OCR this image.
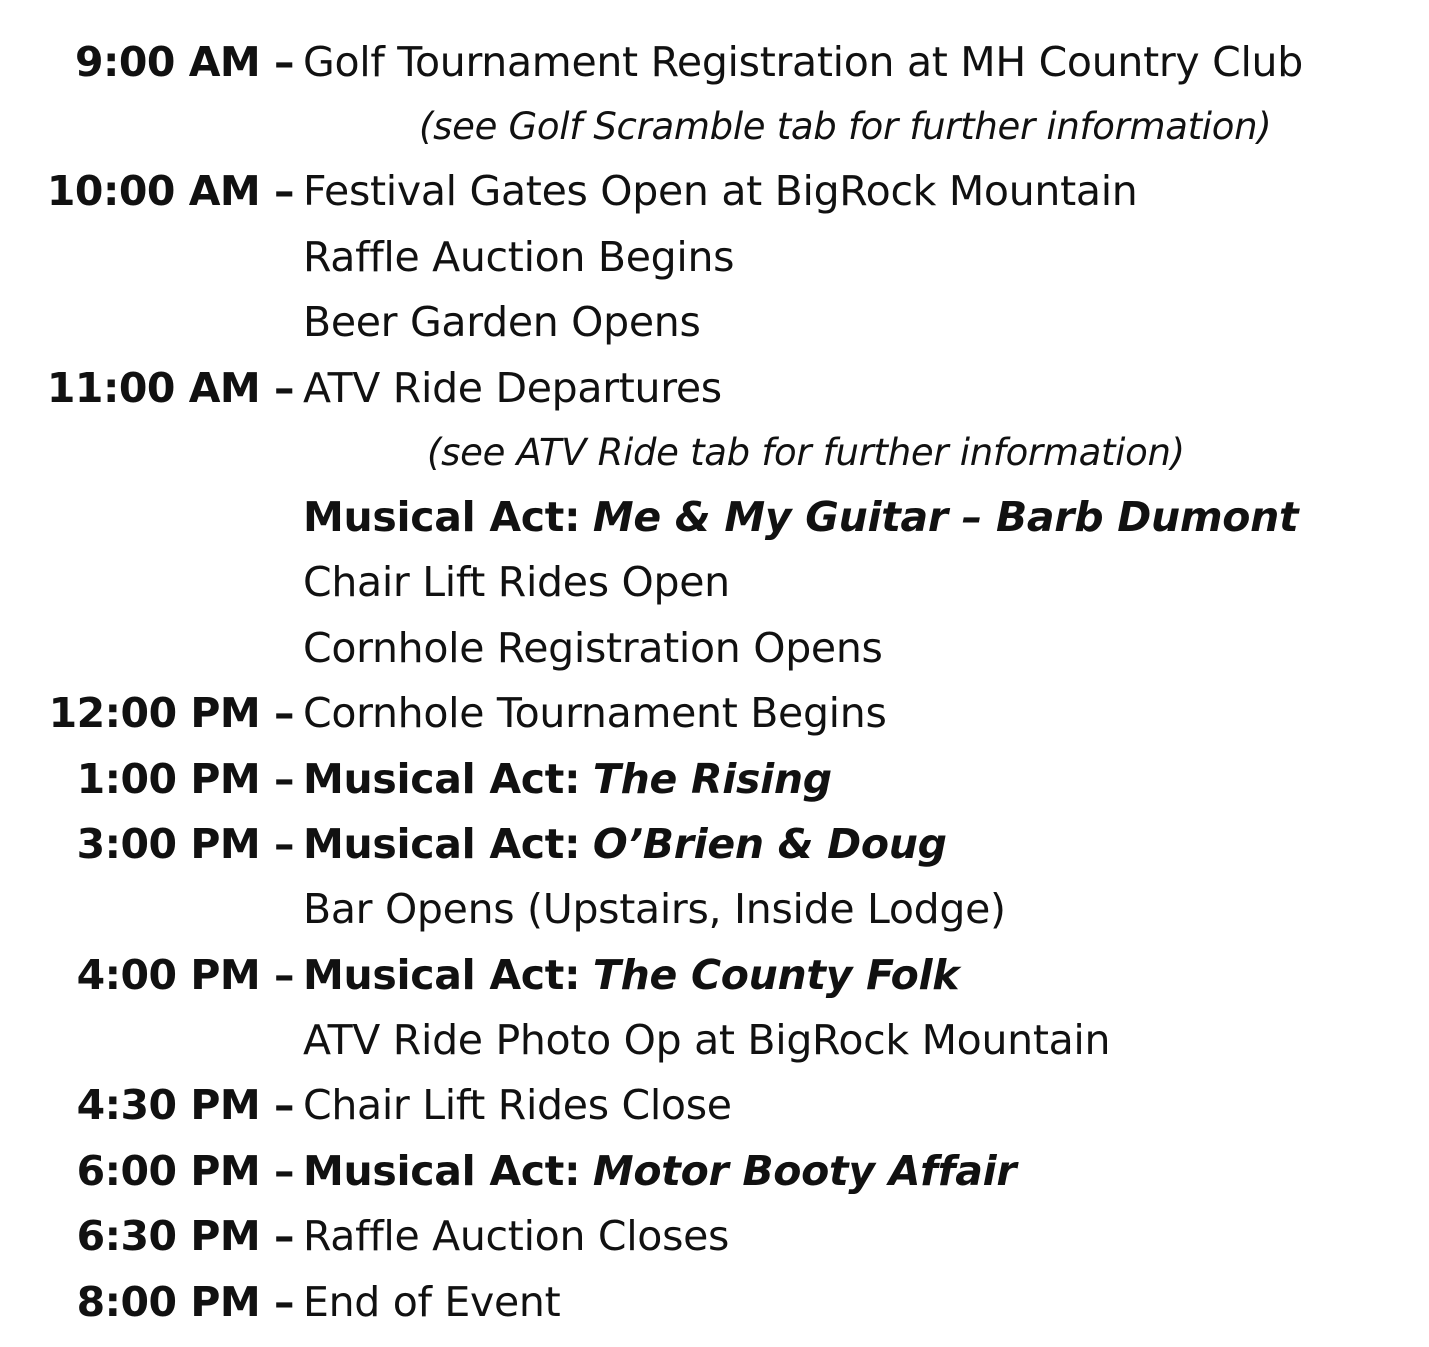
9:00 AM – Golf Tournament Registration at MH Country Club
(see Golf Scramble tab for further information)
10:00 AM – Festival Gates Open at BigRock Mountain
Raffle Auction Begins
Beer Garden Opens
11:00 AM – ATV Ride Departures
(see ATV Ride tab for further information)
Musical Act: Me & My Guitar – Barb Dumont
Chair Lift Rides Open
Cornhole Registration Opens
12:00 PM – Cornhole Tournament Begins
1:00 PM – Musical Act: The Rising
3:00 PM – Musical Act: O’Brien & Doug
Bar Opens (Upstairs, Inside Lodge)
4:00 PM – Musical Act: The County Folk
ATV Ride Photo Op at BigRock Mountain
4:30 PM – Chair Lift Rides Close
6:00 PM – Musical Act: Motor Booty Affair
6:30 PM – Raffle Auction Closes
8:00 PM – End of Event
